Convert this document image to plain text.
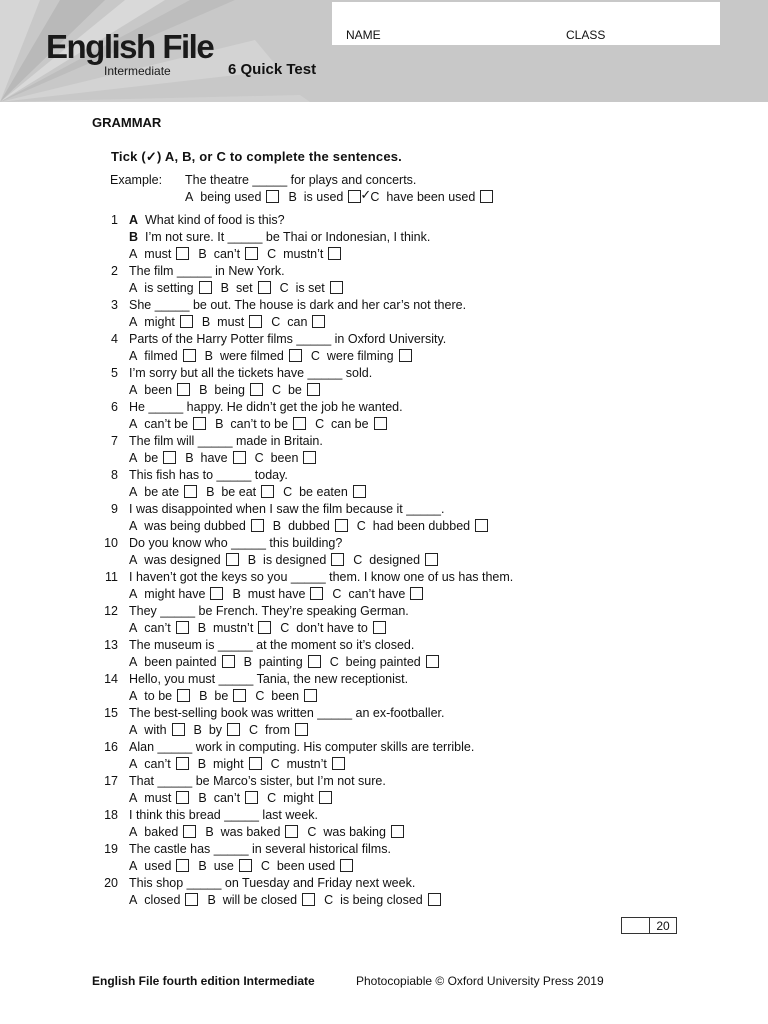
English File
Intermediate	6 Quick Test
NAME	CLASS
GRAMMAR
Tick (✓) A, B, or C to complete the sentences.
Example: The theatre _____ for plays and concerts.
A being used B is used ✓ C have been used
1 A What kind of food is this?
B I’m not sure. It _____ be Thai or Indonesian, I think.
A must B can’t C mustn’t
2 The film _____ in New York.
A is setting B set C is set
3 She _____ be out. The house is dark and her car’s not there.
A might B must C can
4 Parts of the Harry Potter films _____ in Oxford University.
A filmed B were filmed C were filming
5 I’m sorry but all the tickets have _____ sold.
A been B being C be
6 He _____ happy. He didn’t get the job he wanted.
A can’t be B can’t to be C can be
7 The film will _____ made in Britain.
A be B have C been
8 This fish has to _____ today.
A be ate B be eat C be eaten
9 I was disappointed when I saw the film because it _____.
A was being dubbed B dubbed C had been dubbed
10 Do you know who _____ this building?
A was designed B is designed C designed
11 I haven’t got the keys so you _____ them. I know one of us has them.
A might have B must have C can’t have
12 They _____ be French. They’re speaking German.
A can’t B mustn’t C don’t have to
13 The museum is _____ at the moment so it’s closed.
A been painted B painting C being painted
14 Hello, you must _____ Tania, the new receptionist.
A to be B be C been
15 The best-selling book was written _____ an ex-footballer.
A with B by C from
16 Alan _____ work in computing. His computer skills are terrible.
A can’t B might C mustn’t
17 That _____ be Marco’s sister, but I’m not sure.
A must B can’t C might
18 I think this bread _____ last week.
A baked B was baked C was baking
19 The castle has _____ in several historical films.
A used B use C been used
20 This shop _____ on Tuesday and Friday next week.
A closed B will be closed C is being closed
20
English File fourth edition Intermediate	Photocopiable © Oxford University Press 2019
